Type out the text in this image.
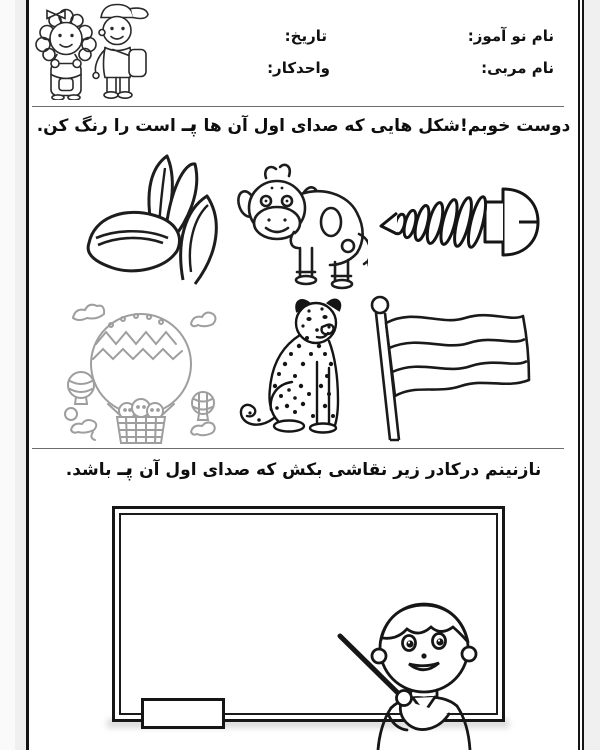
نام نو آموز:
نام مربی:
تاریخ:
واحدکار:
دوست خوبم!شکل هایی که صدای اول آن ها پـ است را رنگ کن.
نازنینم درکادر زیر نقاشی بکش که صدای اول آن پـ باشد.
